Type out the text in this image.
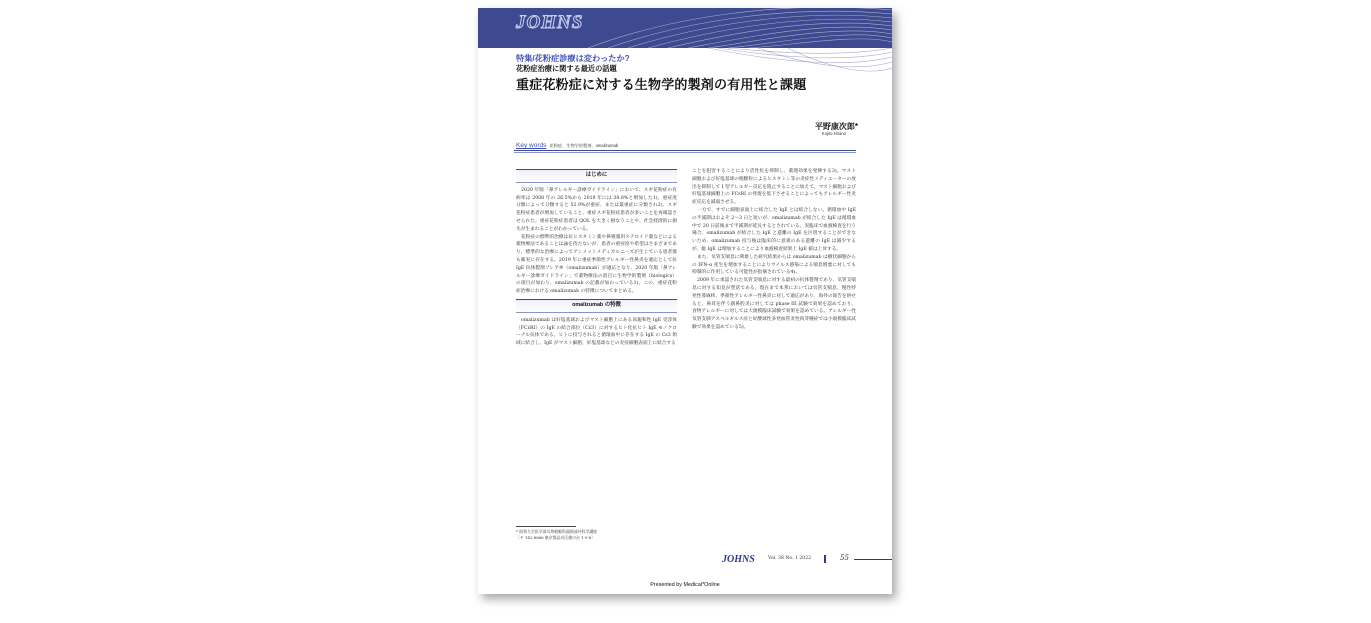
JOHNS
特集/花粉症診療は変わったか?
花粉症治療に関する最近の話題
重症花粉症に対する生物学的製剤の有用性と課題
平野康次郎*
Kojiro Hirano
Key words 花粉症、生物学的製剤、omalizumab
はじめに

2020 年版「鼻アレルギー診療ガイドライン」において、スギ花粉症の有病率は 2008 年の 26.5%から 2019 年には 38.8%と増加した1)。重症度分類によって分類すると 52.9%が重症、または最重症に分類され2)、スギ花粉症患者が増加していること、重症スギ花粉症患者が多いことを再確認させられた。重症花粉症患者は QOL を大きく損なうことや、社会経済的に損失が生まれることがわかっている。

花粉症の標準的治療は抗ヒスタミン薬や鼻噴霧用ステロイド薬などによる薬物療法であることは論を待たないが、患者の重症度や希望はさまざまであり、標準的な治療によってアンメットメディカルニーズが生じている患者群も確実に存在する。2019 年に重症季節性アレルギー性鼻炎を適応として抗 IgE 抗体製剤ゾレア®（omalizumab）が適応となり、2020 年版「鼻アレルギー診療ガイドライン」で薬物療法の項目に生物学的製剤（biologics）の項目が加わり、omalizumab の記載が加わっている1)。この、重症花粉症治療における omalizumab の特徴についてまとめる。

omalizumab の特徴

omalizumab は好塩基球およびマスト細胞上にある高親和性 IgE 受容体（FCεRI）の IgE の結合部位（Cε3）に対するヒト化抗ヒト IgE モノクローナル抗体である。ヒトに投与されると循環血中に存在する IgE の Cε3 領域に結合し、IgE がマスト細胞、好塩基球などの炎症細胞表面上に結合する

ことを阻害することにより活性化を抑制し、薬理効果を発揮する3)。マスト細胞および好塩基球の脱顆粒によるヒスタミン等の炎症性メディエーターの放出を抑制して I 型アレルギー反応を阻止することに加えて、マスト細胞および好塩基球細胞上の FCεRI の発現を低下させることによってもアレルギー性炎症反応を減弱させる。

一方で、すでに細胞表面上に結合した IgE とは結合しない。循環血中 IgE の半減期はおよそ 2〜3 日と短いが、omalizumab が結合した IgE は循環血中で 20 日前後まで半減期が延長するとされている。実臨床で血液検査を行う場合、omalizumab が結合した IgE と遊離の IgE を区別することができないため、omalizumab 投与後は臨床的に意義のある遊離の IgE は減少するが、総 IgE は増加することにより血液検査結果上 IgE 値は上昇する。

また、気管支喘息に関連した研究結果からは omalizumab は樹状細胞からの IFN-α 産生を増加することによりウイルス感染による喘息増悪に対しても抑制的に作用している可能性が指摘されている4)。

2009 年に承認された気管支喘息に対する最初の抗体製剤であり、気管支喘息に対する知見が豊富である。現在まで本邦においては気管支喘息、慢性特発性蕁麻疹、季節性アレルギー性鼻炎に対して適応があり、海外の報告を併せると、鼻茸を伴う副鼻腔炎に対しては phase III 試験で効果を認めており、食物アレルギーに対しては大規模臨床試験で効果を認めている。アレルギー性気管支肺アスペルギルス症と好酸球性多発血管炎性肉芽腫症では小規模臨床試験で効果を認めている5)。

* 昭和大学医学部耳鼻咽喉科頭頸部外科学講座
〔〒 142-8666 東京都品川区旗の台 1-5-8〕
JOHNS	Vol. 38 No. 1 2022	55
Presented by Medical*Online
